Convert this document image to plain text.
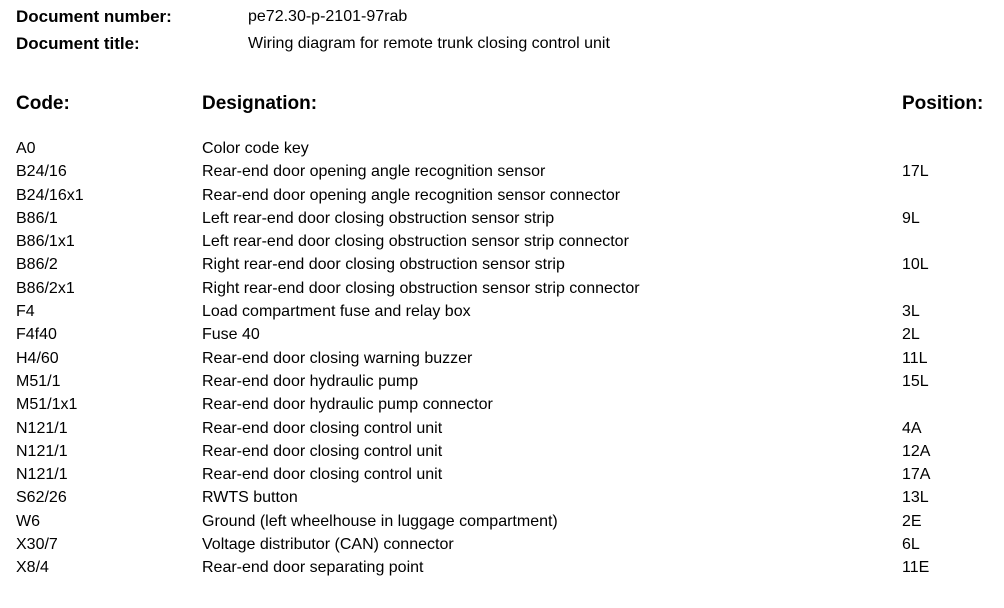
Document number:	pe72.30-p-2101-97rab
Document title:	Wiring diagram for remote trunk closing control unit
Code:	Designation:	Position:
A0	Color code key
B24/16	Rear-end door opening angle recognition sensor	17L
B24/16x1	Rear-end door opening angle recognition sensor connector
B86/1	Left rear-end door closing obstruction sensor strip	9L
B86/1x1	Left rear-end door closing obstruction sensor strip connector
B86/2	Right rear-end door closing obstruction sensor strip	10L
B86/2x1	Right rear-end door closing obstruction sensor strip connector
F4	Load compartment fuse and relay box	3L
F4f40	Fuse 40	2L
H4/60	Rear-end door closing warning buzzer	11L
M51/1	Rear-end door hydraulic pump	15L
M51/1x1	Rear-end door hydraulic pump connector
N121/1	Rear-end door closing control unit	4A
N121/1	Rear-end door closing control unit	12A
N121/1	Rear-end door closing control unit	17A
S62/26	RWTS button	13L
W6	Ground (left wheelhouse in luggage compartment)	2E
X30/7	Voltage distributor (CAN) connector	6L
X8/4	Rear-end door separating point	11E
